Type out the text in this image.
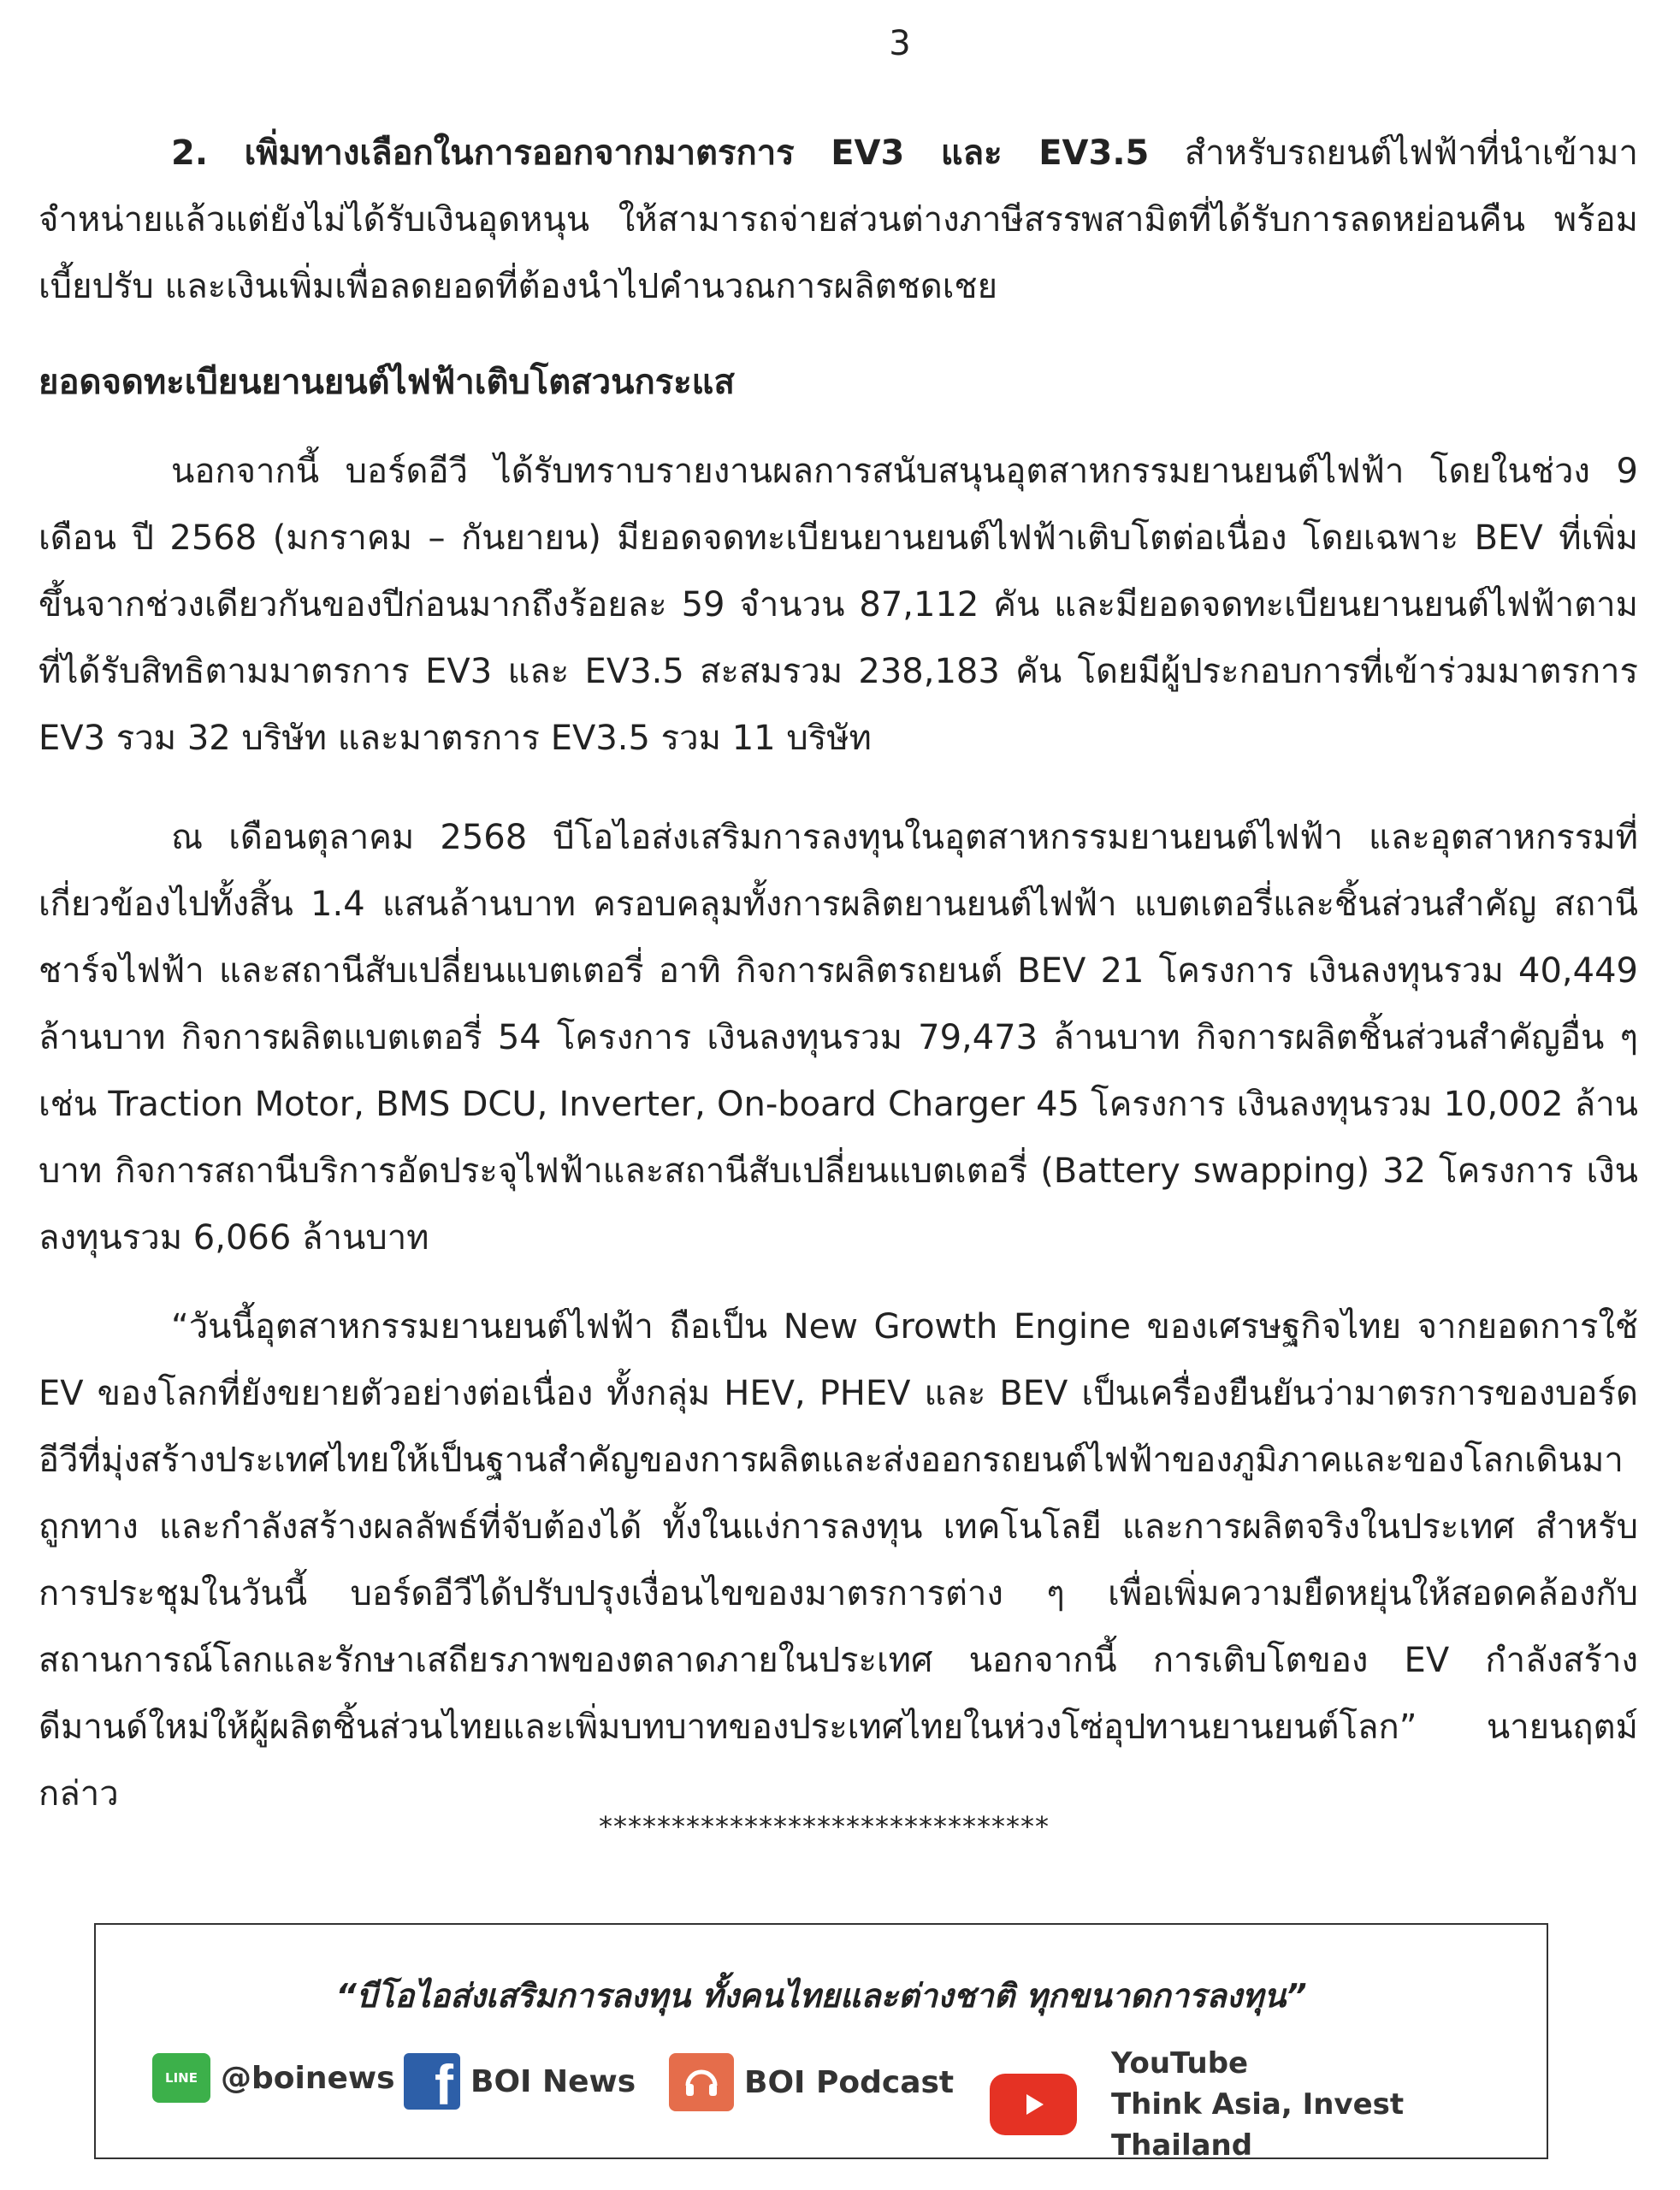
3

2. เพิ่มทางเลือกในการออกจากมาตรการ EV3 และ EV3.5 สำหรับรถยนต์ไฟฟ้าที่นำเข้ามาจำหน่ายแล้วแต่ยังไม่ได้รับเงินอุดหนุน ให้สามารถจ่ายส่วนต่างภาษีสรรพสามิตที่ได้รับการลดหย่อนคืน พร้อมเบี้ยปรับ และเงินเพิ่มเพื่อลดยอดที่ต้องนำไปคำนวณการผลิตชดเชย

ยอดจดทะเบียนยานยนต์ไฟฟ้าเติบโตสวนกระแส

นอกจากนี้ บอร์ดอีวี ได้รับทราบรายงานผลการสนับสนุนอุตสาหกรรมยานยนต์ไฟฟ้า โดยในช่วง 9 เดือน ปี 2568 (มกราคม – กันยายน) มียอดจดทะเบียนยานยนต์ไฟฟ้าเติบโตต่อเนื่อง โดยเฉพาะ BEV ที่เพิ่มขึ้นจากช่วงเดียวกันของปีก่อนมากถึงร้อยละ 59 จำนวน 87,112 คัน และมียอดจดทะเบียนยานยนต์ไฟฟ้าตามที่ได้รับสิทธิตามมาตรการ EV3 และ EV3.5 สะสมรวม 238,183 คัน โดยมีผู้ประกอบการที่เข้าร่วมมาตรการ EV3 รวม 32 บริษัท และมาตรการ EV3.5 รวม 11 บริษัท

ณ เดือนตุลาคม 2568 บีโอไอส่งเสริมการลงทุนในอุตสาหกรรมยานยนต์ไฟฟ้า และอุตสาหกรรมที่เกี่ยวข้องไปทั้งสิ้น 1.4 แสนล้านบาท ครอบคลุมทั้งการผลิตยานยนต์ไฟฟ้า แบตเตอรี่และชิ้นส่วนสำคัญ สถานีชาร์จไฟฟ้า และสถานีสับเปลี่ยนแบตเตอรี่ อาทิ กิจการผลิตรถยนต์ BEV 21 โครงการ เงินลงทุนรวม 40,449 ล้านบาท กิจการผลิตแบตเตอรี่ 54 โครงการ เงินลงทุนรวม 79,473 ล้านบาท กิจการผลิตชิ้นส่วนสำคัญอื่น ๆ เช่น Traction Motor, BMS DCU, Inverter, On-board Charger 45 โครงการ เงินลงทุนรวม 10,002 ล้านบาท กิจการสถานีบริการอัดประจุไฟฟ้าและสถานีสับเปลี่ยนแบตเตอรี่ (Battery swapping) 32 โครงการ เงินลงทุนรวม 6,066 ล้านบาท

“วันนี้อุตสาหกรรมยานยนต์ไฟฟ้า ถือเป็น New Growth Engine ของเศรษฐกิจไทย จากยอดการใช้ EV ของโลกที่ยังขยายตัวอย่างต่อเนื่อง ทั้งกลุ่ม HEV, PHEV และ BEV เป็นเครื่องยืนยันว่ามาตรการของบอร์ดอีวีที่มุ่งสร้างประเทศไทยให้เป็นฐานสำคัญของการผลิตและส่งออกรถยนต์ไฟฟ้าของภูมิภาคและของโลกเดินมาถูกทาง และกำลังสร้างผลลัพธ์ที่จับต้องได้ ทั้งในแง่การลงทุน เทคโนโลยี และการผลิตจริงในประเทศ สำหรับการประชุมในวันนี้ บอร์ดอีวีได้ปรับปรุงเงื่อนไขของมาตรการต่าง ๆ เพื่อเพิ่มความยืดหยุ่นให้สอดคล้องกับสถานการณ์โลกและรักษาเสถียรภาพของตลาดภายในประเทศ นอกจากนี้ การเติบโตของ EV กำลังสร้างดีมานด์ใหม่ให้ผู้ผลิตชิ้นส่วนไทยและเพิ่มบทบาทของประเทศไทยในห่วงโซ่อุปทานยานยนต์โลก” นายนฤตม์ กล่าว

*******************************
“บีโอไอส่งเสริมการลงทุน ทั้งคนไทยและต่างชาติ ทุกขนาดการลงทุน”
LINE @boinews f BOI News	BOI Podcast
YouTube
Think Asia, Invest Thailand
